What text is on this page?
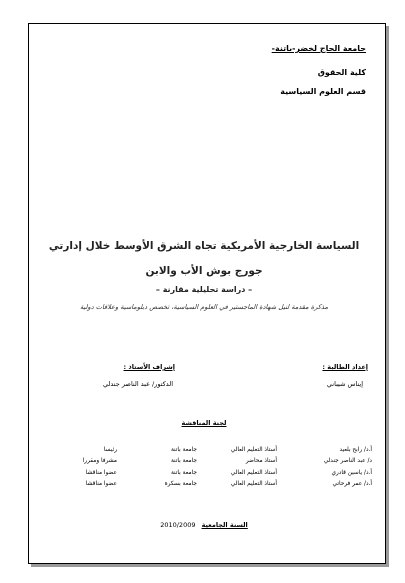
جامعة الحاج لخضر-باتنة-
كلية الحقوق
قسم العلوم السياسية
السياسة الخارجية الأمريكية تجاه الشرق الأوسط خلال إدارتي
جورج بوش الأب والابن
– دراسة تحليلية مقارنة –
مذكرة مقدمة لنيل شهادة الماجستير في العلوم السياسية، تخصص دبلوماسية وعلاقات دولية
إعداد الطالبة :
إشراف الأستاذ :
إيناس شيباني
الدكتور/ عبد الناصر جندلي
لجنة المناقشة
أ.د/ رابح بلعيد
أستاذ التعليم العالي
جامعة باتنة
رئيسا
د/ عبد الناصر جندلي
أستاذ محاضر
جامعة باتنة
مشرفا ومقررا
أ.د/ ياسين قادري
أستاذ التعليم العالي
جامعة باتنة
عضوا مناقشا
أ.د/ عمر فرحاتي
أستاذ التعليم العالي
جامعة بسكرة
عضوا مناقشا
السنة الجامعية 2010/2009
